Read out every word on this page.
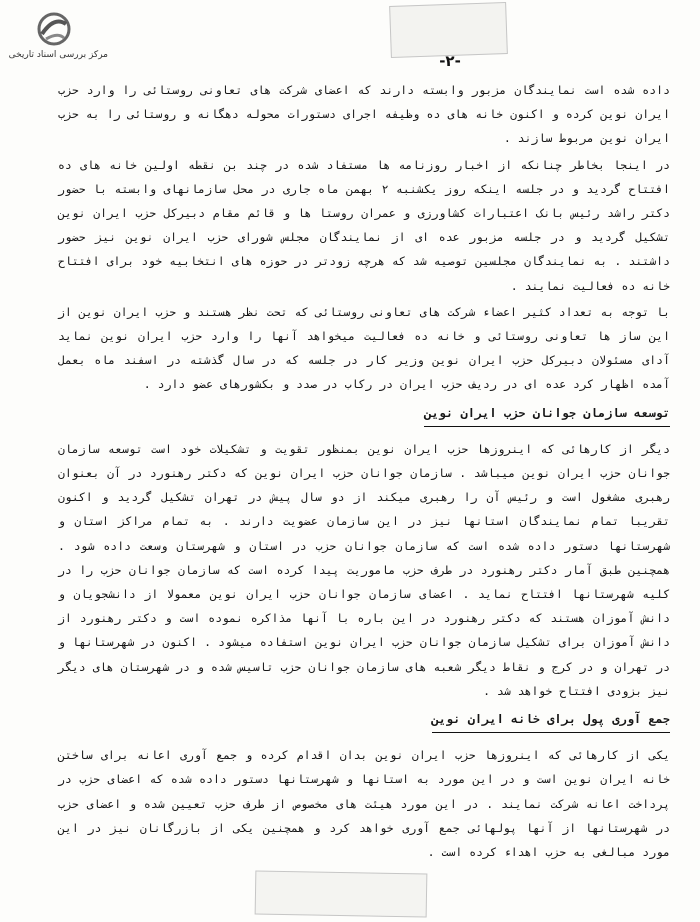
مرکز بررسی اسناد تاریخی	-۲-

داده شده است نمایندگان مزبور وابسته دارند که اعضای شرکت های تعاونی روستائی را وارد حزب ایران نوین کرده و اکنون خانه های ده وظیفه اجرای دستورات محوله دهگانه و روستائی را به حزب ایران نوین مربوط سازند .

در اینجا بخاطر چنانکه از اخبار روزنامه ها مستفاد شده در چند بن نقطه اولین خانه های ده افتتاح گردید و در جلسه اینکه روز یکشنبه ۲ بهمن ماه جاری در محل سازمانهای وابسته با حضور دکتر راشد رئیس بانک اعتبارات کشاورزی و عمران روستا ها و قائم مقام دبیرکل حزب ایران نوین تشکیل گردید و در جلسه مزبور عده ای از نمایندگان مجلس شورای حزب ایران نوین نیز حضور داشتند . به نمایندگان مجلسین توصیه شد که هرچه زودتر در حوزه های انتخابیه خود برای افتتاح خانه ده فعالیت نمایند .

با توجه به تعداد کثیر اعضاء شرکت های تعاونی روستائی که تحت نظر هستند و حزب ایران نوین از این ساز ها تعاونی روستائی و خانه ده فعالیت میخواهد آنها را وارد حزب ایران نوین نماید آدای مسئولان دبیرکل حزب ایران نوین وزیر کار در جلسه که در سال گذشته در اسفند ماه بعمل آمده اظهار کرد عده ای در ردیف حزب ایران در رکاب در صدد و بکشورهای عضو دارد .

توسعه سازمان جوانان حزب ایران نوین

دیگر از کارهائی که اینروزها حزب ایران نوین بمنظور تقویت و تشکیلات خود است توسعه سازمان جوانان حزب ایران نوین میباشد . سازمان جوانان حزب ایران نوین که دکتر رهنورد در آن بعنوان رهبری مشغول است و رئیس آن را رهبری میکند از دو سال پیش در تهران تشکیل گردید و اکنون تقریبا تمام نمایندگان استانها نیز در این سازمان عضویت دارند . به تمام مراکز استان و شهرستانها دستور داده شده است که سازمان جوانان حزب در استان و شهرستان وسعت داده شود . همچنین طبق آمار دکتر رهنورد در طرف حزب ماموریت پیدا کرده است که سازمان جوانان حزب را در کلیه شهرستانها افتتاح نماید . اعضای سازمان جوانان حزب ایران نوین معمولا از دانشجویان و دانش آموزان هستند که دکتر رهنورد در این باره با آنها مذاکره نموده است و دکتر رهنورد از دانش آموزان برای تشکیل سازمان جوانان حزب ایران نوین استفاده میشود . اکنون در شهرستانها و در تهران و در کرج و نقاط دیگر شعبه های سازمان جوانان حزب تاسیس شده و در شهرستان های دیگر نیز بزودی افتتاح خواهد شد .

جمع آوری پول برای خانه ایران نوین

یکی از کارهائی که اینروزها حزب ایران نوین بدان اقدام کرده و جمع آوری اعانه برای ساختن خانه ایران نوین است و در این مورد به استانها و شهرستانها دستور داده شده که اعضای حزب در پرداخت اعانه شرکت نمایند . در این مورد هیئت های مخصوص از طرف حزب تعیین شده و اعضای حزب در شهرستانها از آنها پولهائی جمع آوری خواهد کرد و همچنین یکی از بازرگانان نیز در این مورد مبالغی به حزب اهداء کرده است .
